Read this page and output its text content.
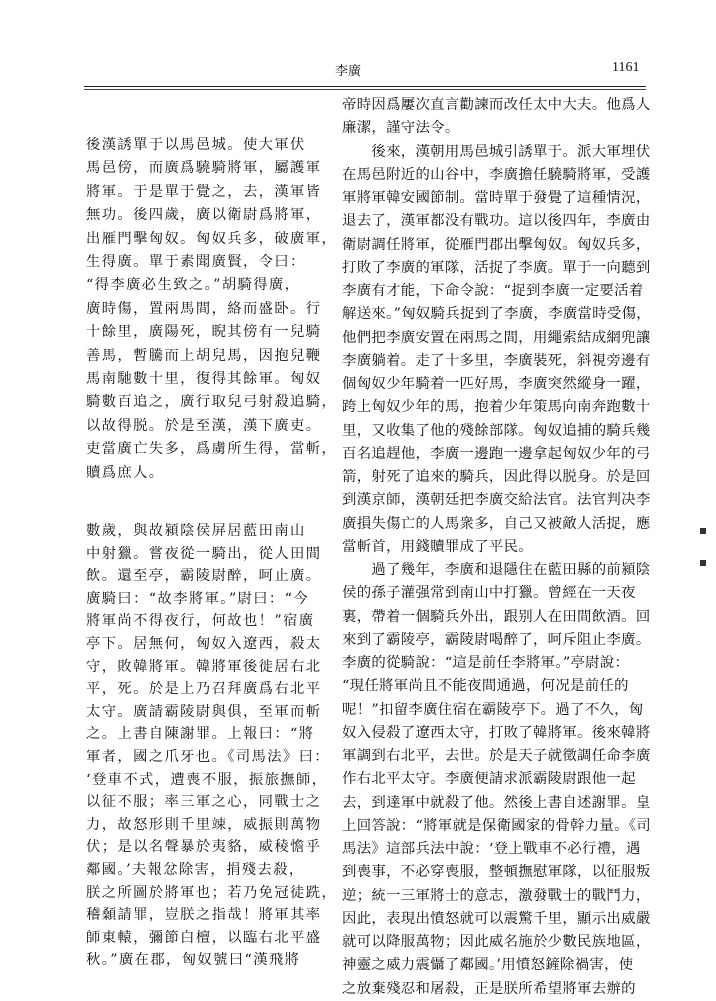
李廣	1161

後漢誘單于以馬邑城。使大軍伏

馬邑傍，而廣爲驍騎將軍，屬護軍

將軍。于是單于覺之，去，漢軍皆

無功。後四歲，廣以衛尉爲將軍，

出雁門擊匈奴。匈奴兵多，破廣軍，

生得廣。單于素聞廣賢，令曰：

“得李廣必生致之。”胡騎得廣，

廣時傷，置兩馬間，絡而盛卧。行

十餘里，廣陽死，睨其傍有一兒騎

善馬，暫騰而上胡兒馬，因抱兒鞭

馬南馳數十里，復得其餘軍。匈奴

騎數百追之，廣行取兒弓射殺追騎，

以故得脱。於是至漢，漢下廣吏。

吏當廣亡失多，爲虜所生得，當斬，

贖爲庶人。

數歲，與故潁陰侯屏居藍田南山

中射獵。嘗夜從一騎出，從人田間

飲。還至亭，霸陵尉醉，呵止廣。

廣騎曰：“故李將軍。”尉曰：“今

將軍尚不得夜行，何故也！”宿廣

亭下。居無何，匈奴入遼西，殺太

守，敗韓將軍。韓將軍後徙居右北

平，死。於是上乃召拜廣爲右北平

太守。廣請霸陵尉與俱，至軍而斬

之。上書自陳謝罪。上報曰：“將

軍者，國之爪牙也。《司馬法》曰：

‘登車不式，遭喪不服，振旅撫師，

以征不服；率三軍之心，同戰士之

力，故怒形則千里竦，威振則萬物

伏；是以名聲暴於夷貉，威稜憺乎

鄰國。’夫報忿除害，捐殘去殺，

朕之所圖於將軍也；若乃免冠徒跣，

稽顙請罪，豈朕之指哉！將軍其率

師東轅，彌節白檀，以臨右北平盛

秋。”廣在郡，匈奴號曰“漢飛將

帝時因爲屢次直言勸諫而改任太中大夫。他爲人

廉潔，謹守法令。

　　後來，漢朝用馬邑城引誘單于。派大軍埋伏

在馬邑附近的山谷中，李廣擔任驍騎將軍，受護

軍將軍韓安國節制。當時單于發覺了這種情況，

退去了，漢軍都没有戰功。這以後四年，李廣由

衛尉調任將軍，從雁門郡出擊匈奴。匈奴兵多，

打敗了李廣的軍隊，活捉了李廣。單于一向聽到

李廣有才能，下命令說：“捉到李廣一定要活着

解送來。”匈奴騎兵捉到了李廣，李廣當時受傷，

他們把李廣安置在兩馬之間，用繩索結成網兜讓

李廣躺着。走了十多里，李廣裝死，斜視旁邊有

個匈奴少年騎着一匹好馬，李廣突然縱身一躍，

跨上匈奴少年的馬，抱着少年策馬向南奔跑數十

里，又收集了他的殘餘部隊。匈奴追捕的騎兵幾

百名追趕他，李廣一邊跑一邊拿起匈奴少年的弓

箭，射死了追來的騎兵，因此得以脱身。於是回

到漢京師，漢朝廷把李廣交給法官。法官判决李

廣損失傷亡的人馬衆多，自己又被敵人活捉，應

當斬首，用錢贖罪成了平民。

　　過了幾年，李廣和退隱住在藍田縣的前潁陰

侯的孫子灌强常到南山中打獵。曾經在一天夜

裏，帶着一個騎兵外出，跟别人在田間飲酒。回

來到了霸陵亭，霸陵尉喝醉了，呵斥阻止李廣。

李廣的從騎說：“這是前任李將軍。”亭尉說：

“現任將軍尚且不能夜間通過，何况是前任的

呢！”扣留李廣住宿在霸陵亭下。過了不久，匈

奴入侵殺了遼西太守，打敗了韓將軍。後來韓將

軍調到右北平，去世。於是天子就徵調任命李廣

作右北平太守。李廣便請求派霸陵尉跟他一起

去，到達軍中就殺了他。然後上書自述謝罪。皇

上回答說：“將軍就是保衛國家的骨幹力量。《司

馬法》這部兵法中說：‘登上戰車不必行禮，遇

到喪事，不必穿喪服，整頓撫慰軍隊，以征服叛

逆；統一三軍將士的意志，激發戰士的戰鬥力，

因此，表現出憤怒就可以震驚千里，顯示出威嚴

就可以降服萬物；因此威名施於少數民族地區，

神靈之威力震懾了鄰國。’用憤怒鏟除禍害，使

之放棄殘忍和屠殺，正是朕所希望將軍去辦的
